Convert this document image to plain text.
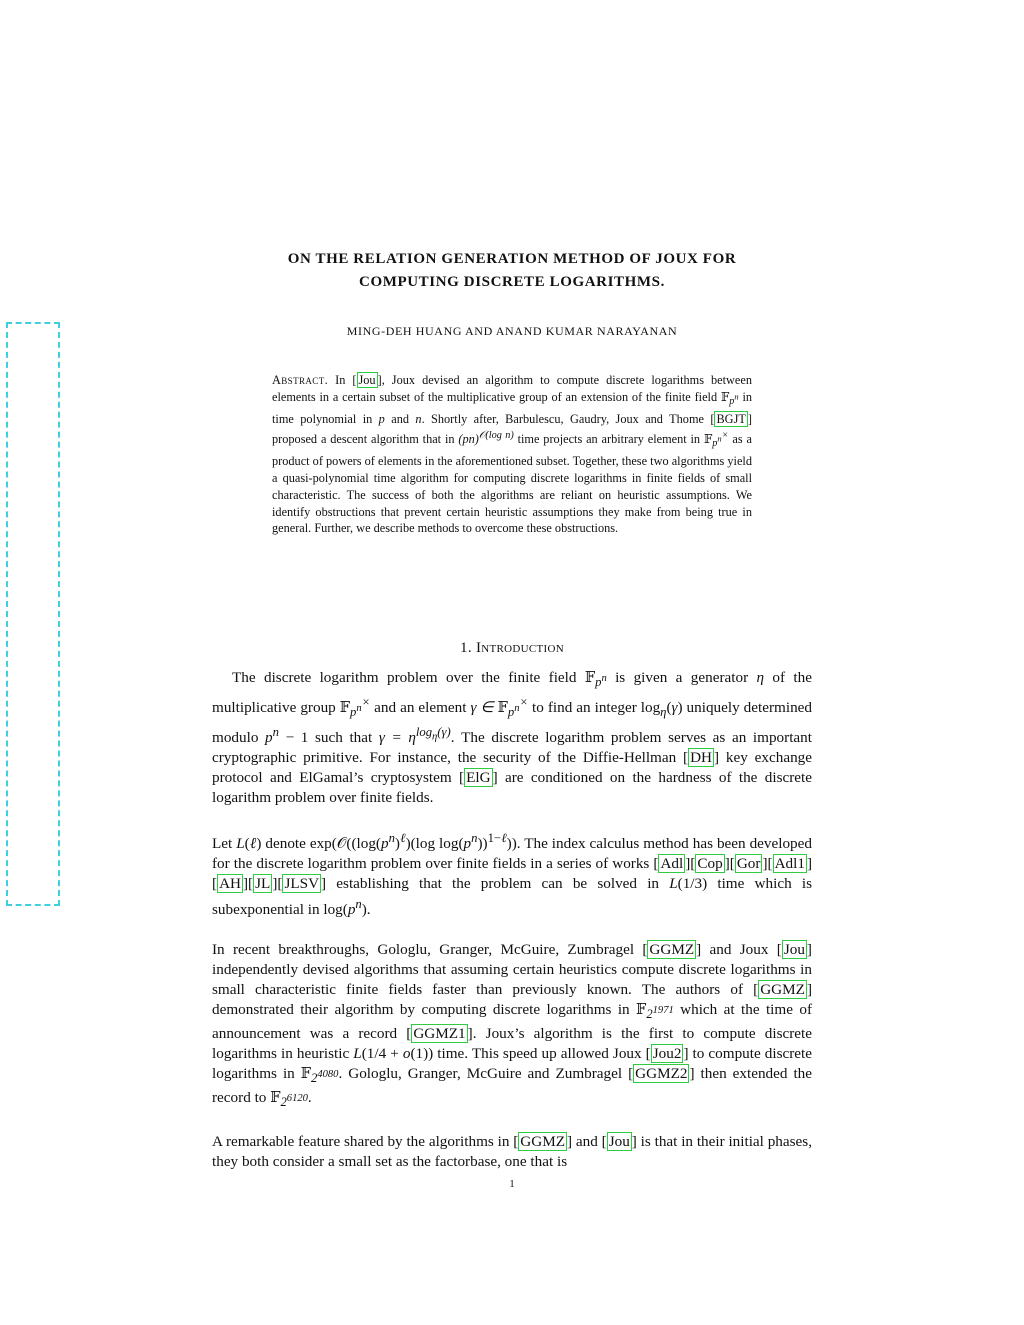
ON THE RELATION GENERATION METHOD OF JOUX FOR
COMPUTING DISCRETE LOGARITHMS.
MING-DEH HUANG AND ANAND KUMAR NARAYANAN
Abstract. In [ Jou ], Joux devised an algorithm to compute discrete logarithms between elements in a certain subset of the multiplicative group of an extension of the finite field 𝔽$_{p^n}$ in time polynomial in p and n. Shortly after, Barbulescu, Gaudry, Joux and Thome [ BGJT ] proposed a descent algorithm that in (pn)$^{𝒪(log n)}$ time projects an arbitrary element in 𝔽$_{p^n}$× as a product of powers of elements in the aforementioned subset. Together, these two algorithms yield a quasi-polynomial time algorithm for computing discrete logarithms in finite fields of small characteristic. The success of both the algorithms are reliant on heuristic assumptions. We identify obstructions that prevent certain heuristic assumptions they make from being true in general. Further, we describe methods to overcome these obstructions.
1. Introduction

The discrete logarithm problem over the finite field 𝔽$_{p^n}$ is given a generator η of the multiplicative group 𝔽$_{p^n}$× and an element γ ∈ 𝔽$_{p^n}$× to find an integer $\log_\eta(\gamma)$ uniquely determined modulo $p^n - 1$ such that $\gamma = \eta^{log_\eta(\gamma)}$. The discrete logarithm problem serves as an important cryptographic primitive. For instance, the security of the Diffie-Hellman [ DH ] key exchange protocol and ElGamal’s cryptosystem [ ElG ] are conditioned on the hardness of the discrete logarithm problem over finite fields.

Let L(ℓ) denote $\exp(𝒪((\log(p^n)^\ell)(\log$ $\log(p^n))^{1-\ell}$)). The index calculus method has been developed for the discrete logarithm problem over finite fields in a series of works [ Adl ][ Cop ][ Gor ][ Adl1 ][ AH ][ JL ][ JLSV ] establishing that the problem can be solved in L(1/3) time which is subexponential in $\log(p^n)$.

In recent breakthroughs, Gologlu, Granger, McGuire, Zumbragel [ GGMZ ] and Joux [ Jou ] independently devised algorithms that assuming certain heuristics compute discrete logarithms in small characteristic finite fields faster than previously known. The authors of [ GGMZ ] demonstrated their algorithm by computing discrete logarithms in 𝔽$_{2^{1971}}$ which at the time of announcement was a record [ GGMZ1 ]. Joux’s algorithm is the first to compute discrete logarithms in heuristic L(1/4 + o(1)) time. This speed up allowed Joux [ Jou2 ] to compute discrete logarithms in 𝔽$_{2^{4080}}$. Gologlu, Granger, McGuire and Zumbragel [ GGMZ2 ] then extended the record to 𝔽$_{2^{6120}}$.

A remarkable feature shared by the algorithms in [ GGMZ ] and [ Jou ] is that in their initial phases, they both consider a small set as the factorbase, one that is

1
